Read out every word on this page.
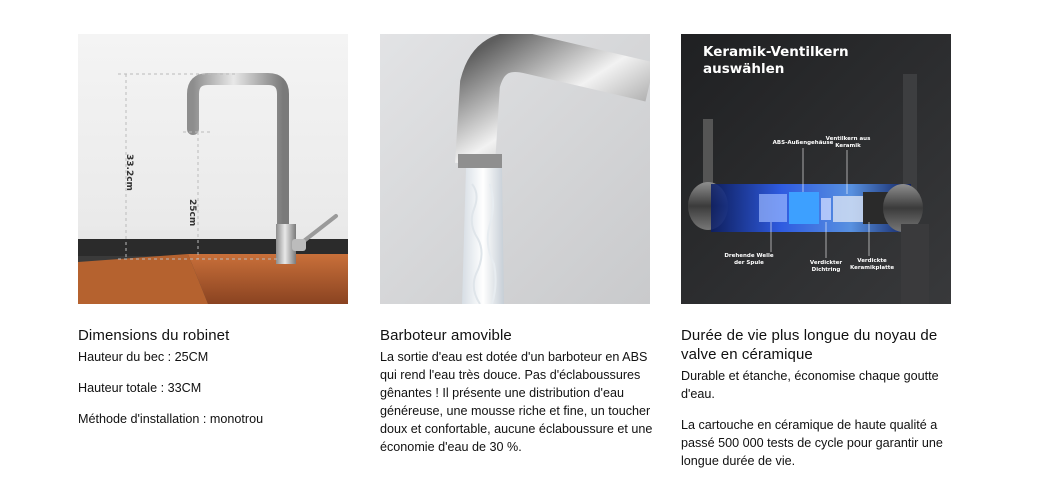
33.2cm
25cm
Dimensions du robinet

Hauteur du bec : 25CM

Hauteur totale : 33CM

Méthode d'installation : monotrou

Barboteur amovible
La sortie d'eau est dotée d'un barboteur en ABS qui rend l'eau très douce. Pas d'éclaboussures gênantes ! Il présente une distribution d'eau généreuse, une mousse riche et fine, un toucher doux et confortable, aucune éclaboussure et une économie d'eau de 30 %.
Keramik-Ventilkern
auswählen
ABS-Außengehäuse
Ventilkern aus
Keramik
Drehende Welle
der Spule	Verdickter
Dichtring
Verdickte
Keramikplatte
Durée de vie plus longue du noyau de valve en céramique

Durable et étanche, économise chaque goutte d'eau.

La cartouche en céramique de haute qualité a passé 500 000 tests de cycle pour garantir une longue durée de vie.
